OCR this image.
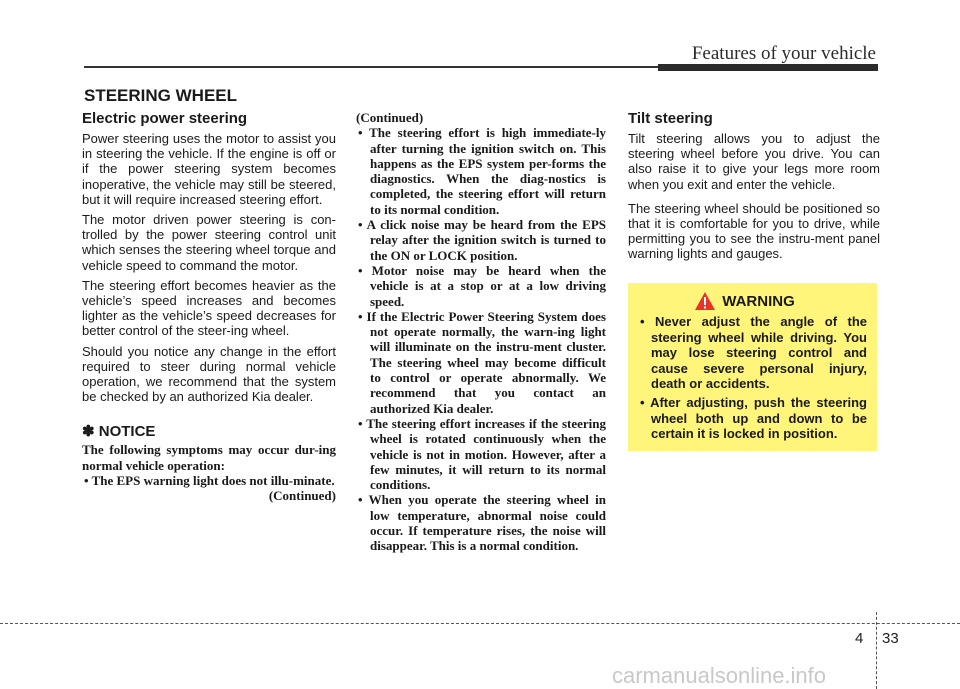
Features of your vehicle
STEERING WHEEL
Electric power steering

Power steering uses the motor to assist you in steering the vehicle. If the engine is off or if the power steering system becomes inoperative, the vehicle may still be steered, but it will require increased steering effort.

The motor driven power steering is con-trolled by the power steering control unit which senses the steering wheel torque and vehicle speed to command the motor.

The steering effort becomes heavier as the vehicle’s speed increases and becomes lighter as the vehicle’s speed decreases for better control of the steer-ing wheel.

Should you notice any change in the effort required to steer during normal vehicle operation, we recommend that the system be checked by an authorized Kia dealer.

✽ NOTICE

The following symptoms may occur dur-ing normal vehicle operation:

• The EPS warning light does not illu-minate.

(Continued)

(Continued)

• The steering effort is high immediate-ly after turning the ignition switch on. This happens as the EPS system per-forms the diagnostics. When the diag-nostics is completed, the steering effort will return to its normal condition.

• A click noise may be heard from the EPS relay after the ignition switch is turned to the ON or LOCK position.

• Motor noise may be heard when the vehicle is at a stop or at a low driving speed.

• If the Electric Power Steering System does not operate normally, the warn-ing light will illuminate on the instru-ment cluster. The steering wheel may become difficult to control or operate abnormally. We recommend that you contact an authorized Kia dealer.

• The steering effort increases if the steering wheel is rotated continuously when the vehicle is not in motion. However, after a few minutes, it will return to its normal conditions.

• When you operate the steering wheel in low temperature, abnormal noise could occur. If temperature rises, the noise will disappear. This is a normal condition.

Tilt steering

Tilt steering allows you to adjust the steering wheel before you drive. You can also raise it to give your legs more room when you exit and enter the vehicle.

The steering wheel should be positioned so that it is comfortable for you to drive, while permitting you to see the instru-ment panel warning lights and gauges.

WARNING

• Never adjust the angle of the steering wheel while driving. You may lose steering control and cause severe personal injury, death or accidents.

• After adjusting, push the steering wheel both up and down to be certain it is locked in position.

4 33
carmanualsonline.info
